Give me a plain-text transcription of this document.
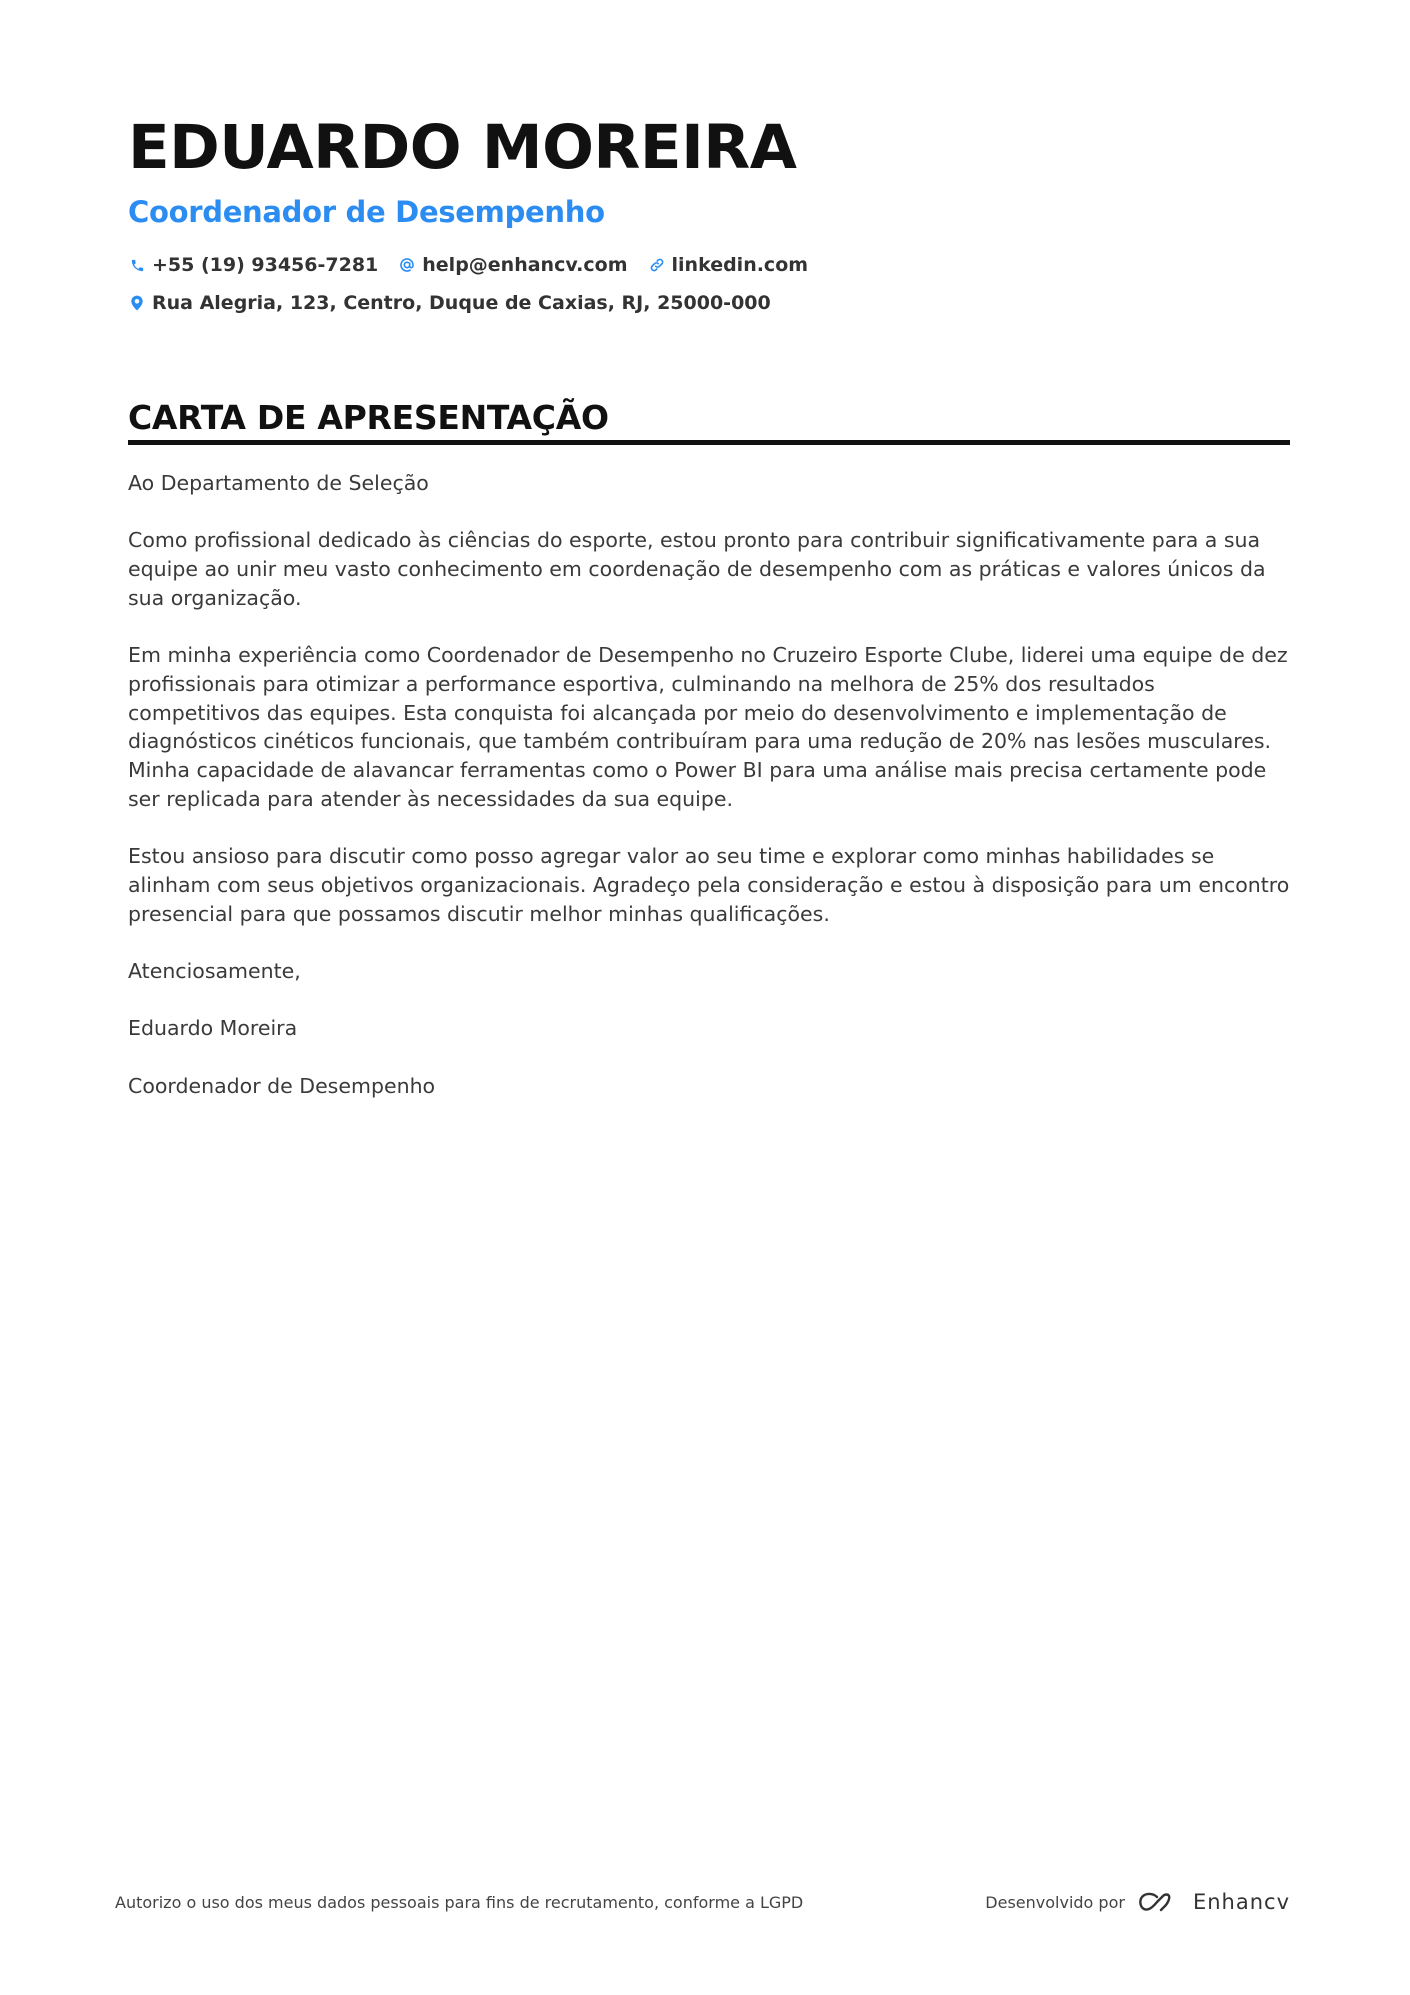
EDUARDO MOREIRA
Coordenador de Desempenho
+55 (19) 93456-7281 help@enhancv.com linkedin.com
Rua Alegria, 123, Centro, Duque de Caxias, RJ, 25000-000
CARTA DE APRESENTAÇÃO

Ao Departamento de Seleção

Como profissional dedicado às ciências do esporte, estou pronto para contribuir significativamente para a sua equipe ao unir meu vasto conhecimento em coordenação de desempenho com as práticas e valores únicos da sua organização.

Em minha experiência como Coordenador de Desempenho no Cruzeiro Esporte Clube, liderei uma equipe de dez profissionais para otimizar a performance esportiva, culminando na melhora de 25% dos resultados competitivos das equipes. Esta conquista foi alcançada por meio do desenvolvimento e implementação de diagnósticos cinéticos funcionais, que também contribuíram para uma redução de 20% nas lesões musculares. Minha capacidade de alavancar ferramentas como o Power BI para uma análise mais precisa certamente pode ser replicada para atender às necessidades da sua equipe.

Estou ansioso para discutir como posso agregar valor ao seu time e explorar como minhas habilidades se alinham com seus objetivos organizacionais. Agradeço pela consideração e estou à disposição para um encontro presencial para que possamos discutir melhor minhas qualificações.

Atenciosamente,

Eduardo Moreira

Coordenador de Desempenho

Autorizo o uso dos meus dados pessoais para fins de recrutamento, conforme a LGPD	Desenvolvido por	Enhancv
